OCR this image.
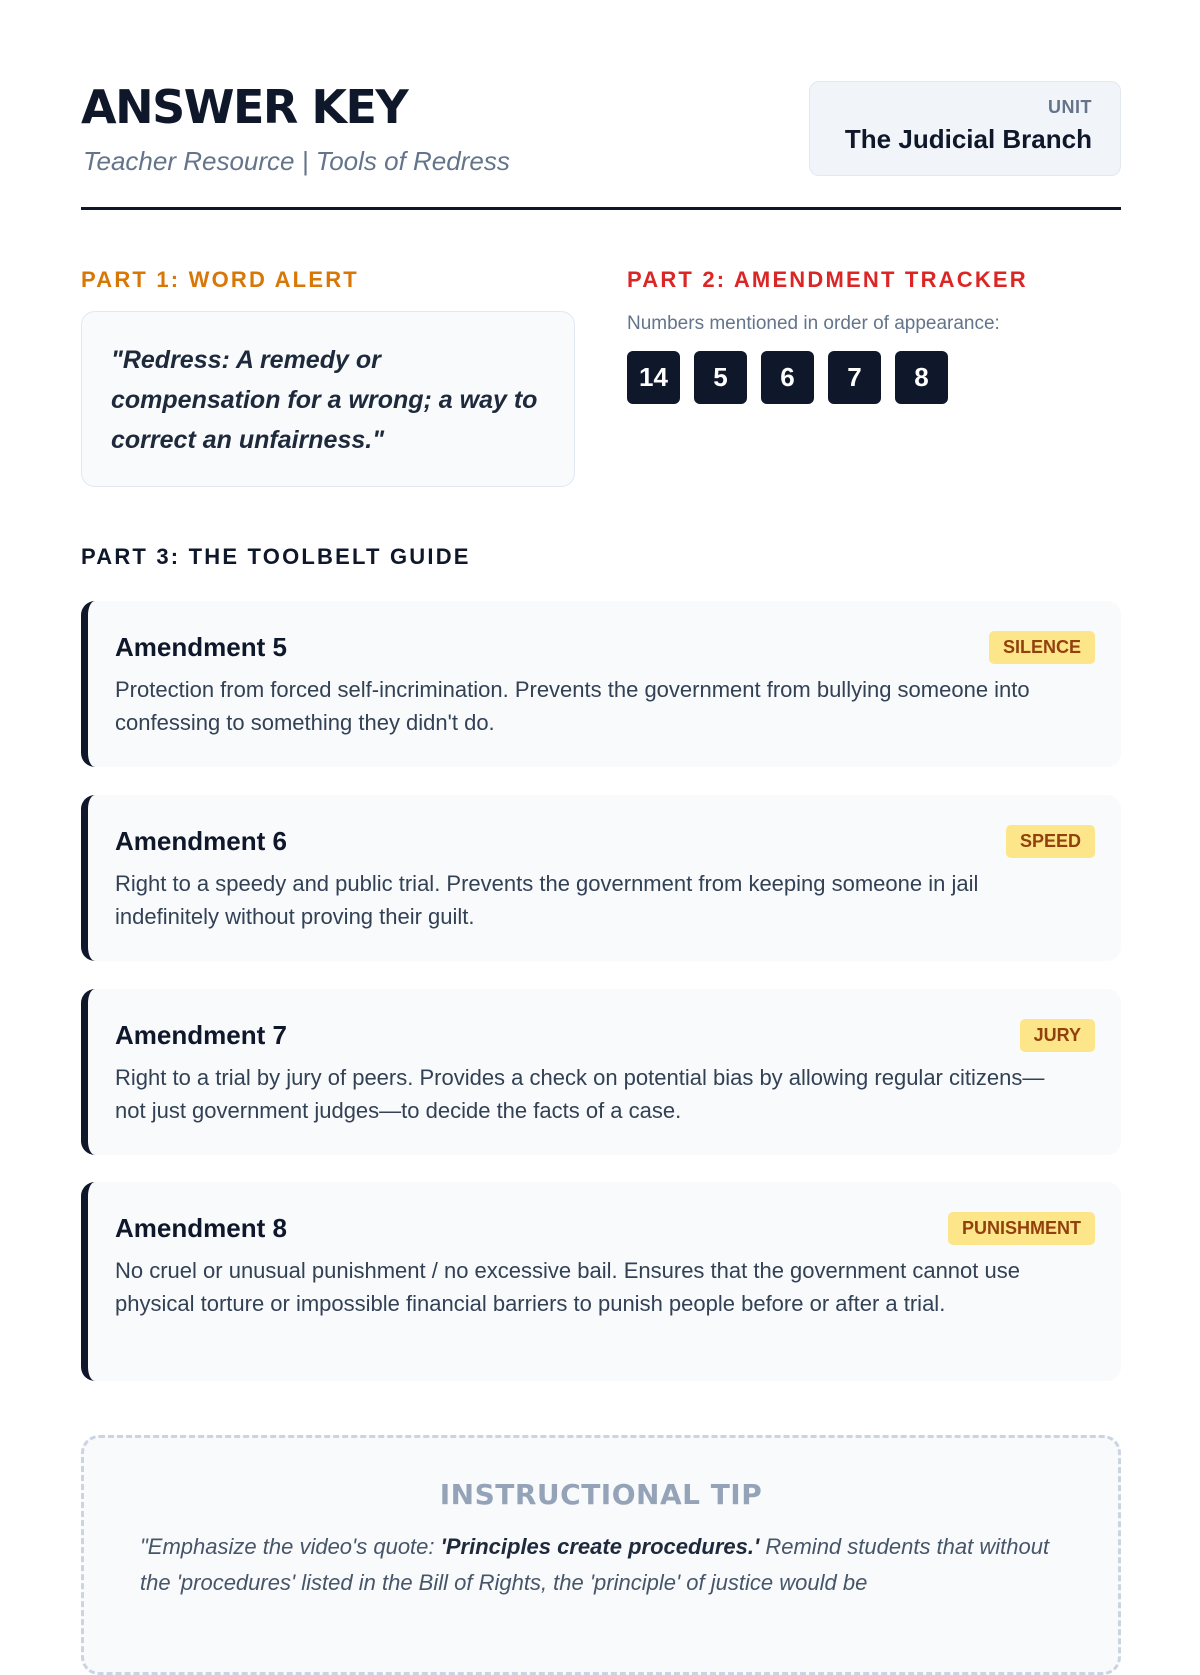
ANSWER KEY
Teacher Resource | Tools of Redress
UNIT
The Judicial Branch
PART 1: WORD ALERT
"Redress: A remedy or compensation for a wrong; a way to correct an unfairness."
PART 2: AMENDMENT TRACKER
Numbers mentioned in order of appearance:
14	5	6	7	8
PART 3: THE TOOLBELT GUIDE
Amendment 5	SILENCE
Protection from forced self-incrimination. Prevents the government from bullying someone into confessing to something they didn't do.
Amendment 6	SPEED
Right to a speedy and public trial. Prevents the government from keeping someone in jail indefinitely without proving their guilt.
Amendment 7	JURY
Right to a trial by jury of peers. Provides a check on potential bias by allowing regular citizens—not just government judges—to decide the facts of a case.
Amendment 8	PUNISHMENT
No cruel or unusual punishment / no excessive bail. Ensures that the government cannot use physical torture or impossible financial barriers to punish people before or after a trial.
INSTRUCTIONAL TIP
"Emphasize the video's quote: 'Principles create procedures.' Remind students that without the 'procedures' listed in the Bill of Rights, the 'principle' of justice would be
